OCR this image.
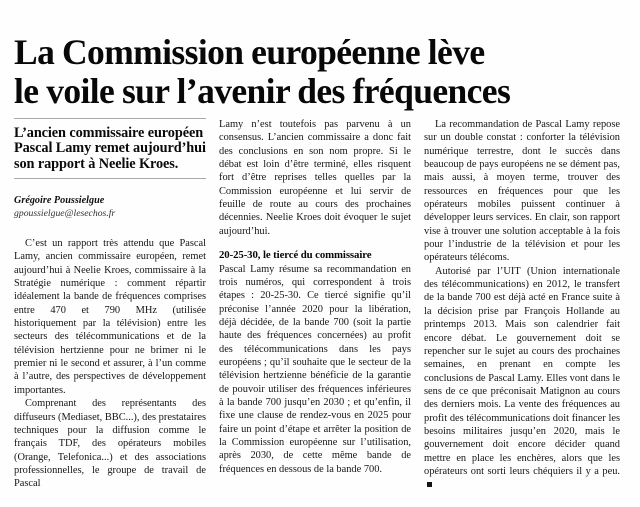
La Commission européenne lève
le voile sur l’avenir des fréquences
L’ancien commissaire européen Pascal Lamy remet aujourd’hui son rapport à Neelie Kroes.
Grégoire Poussielgue
gpoussielgue@lesechos.fr

C’est un rapport très attendu que Pascal Lamy, ancien commissaire européen, remet aujourd’hui à Neelie Kroes, commissaire à la Stratégie numérique : comment répartir idéalement la bande de fréquences comprises entre 470 et 790 MHz (utilisée historiquement par la télévision) entre les secteurs des télécommunications et de la télévision hertzienne pour ne brimer ni le premier ni le second et assurer, à l’un comme à l’autre, des perspectives de développement importantes.

Comprenant des représentants des diffuseurs (Mediaset, BBC...), des prestataires techniques pour la diffusion comme le français TDF, des opérateurs mobiles (Orange, Telefonica...) et des associations professionnelles, le groupe de travail de Pascal

Lamy n’est toutefois pas parvenu à un consensus. L’ancien commissaire a donc fait des conclusions en son nom propre. Si le débat est loin d’être terminé, elles risquent fort d’être reprises telles quelles par la Commission européenne et lui servir de feuille de route au cours des prochaines décennies. Neelie Kroes doit évoquer le sujet aujourd’hui.

20-25-30, le tiercé du commissaire

Pascal Lamy résume sa recommandation en trois numéros, qui correspondent à trois étapes : 20-25-30. Ce tiercé signifie qu’il préconise l’année 2020 pour la libération, déjà décidée, de la bande 700 (soit la partie haute des fréquences concernées) au profit des télécommunications dans les pays européens ; qu’il souhaite que le secteur de la télévision hertzienne bénéficie de la garantie de pouvoir utiliser des fréquences inférieures à la bande 700 jusqu’en 2030 ; et qu’enfin, il fixe une clause de rendez-vous en 2025 pour faire un point d’étape et arrêter la position de la Commission européenne sur l’utilisation, après 2030, de cette même bande de fréquences en dessous de la bande 700.

La recommandation de Pascal Lamy repose sur un double constat : conforter la télévision numérique terrestre, dont le succès dans beaucoup de pays européens ne se dément pas, mais aussi, à moyen terme, trouver des ressources en fréquences pour que les opérateurs mobiles puissent continuer à développer leurs services. En clair, son rapport vise à trouver une solution acceptable à la fois pour l’industrie de la télévision et pour les opérateurs télécoms.

Autorisé par l’UIT (Union internationale des télécommunications) en 2012, le transfert de la bande 700 est déjà acté en France suite à la décision prise par François Hollande au printemps 2013. Mais son calendrier fait encore débat. Le gouvernement doit se repencher sur le sujet au cours des prochaines semaines, en prenant en compte les conclusions de Pascal Lamy. Elles vont dans le sens de ce que préconisait Matignon au cours des derniers mois. La vente des fréquences au profit des télécommunications doit financer les besoins militaires jusqu’en 2020, mais le gouvernement doit encore décider quand mettre en place les enchères, alors que les opérateurs ont sorti leurs chéquiers il y a peu.
